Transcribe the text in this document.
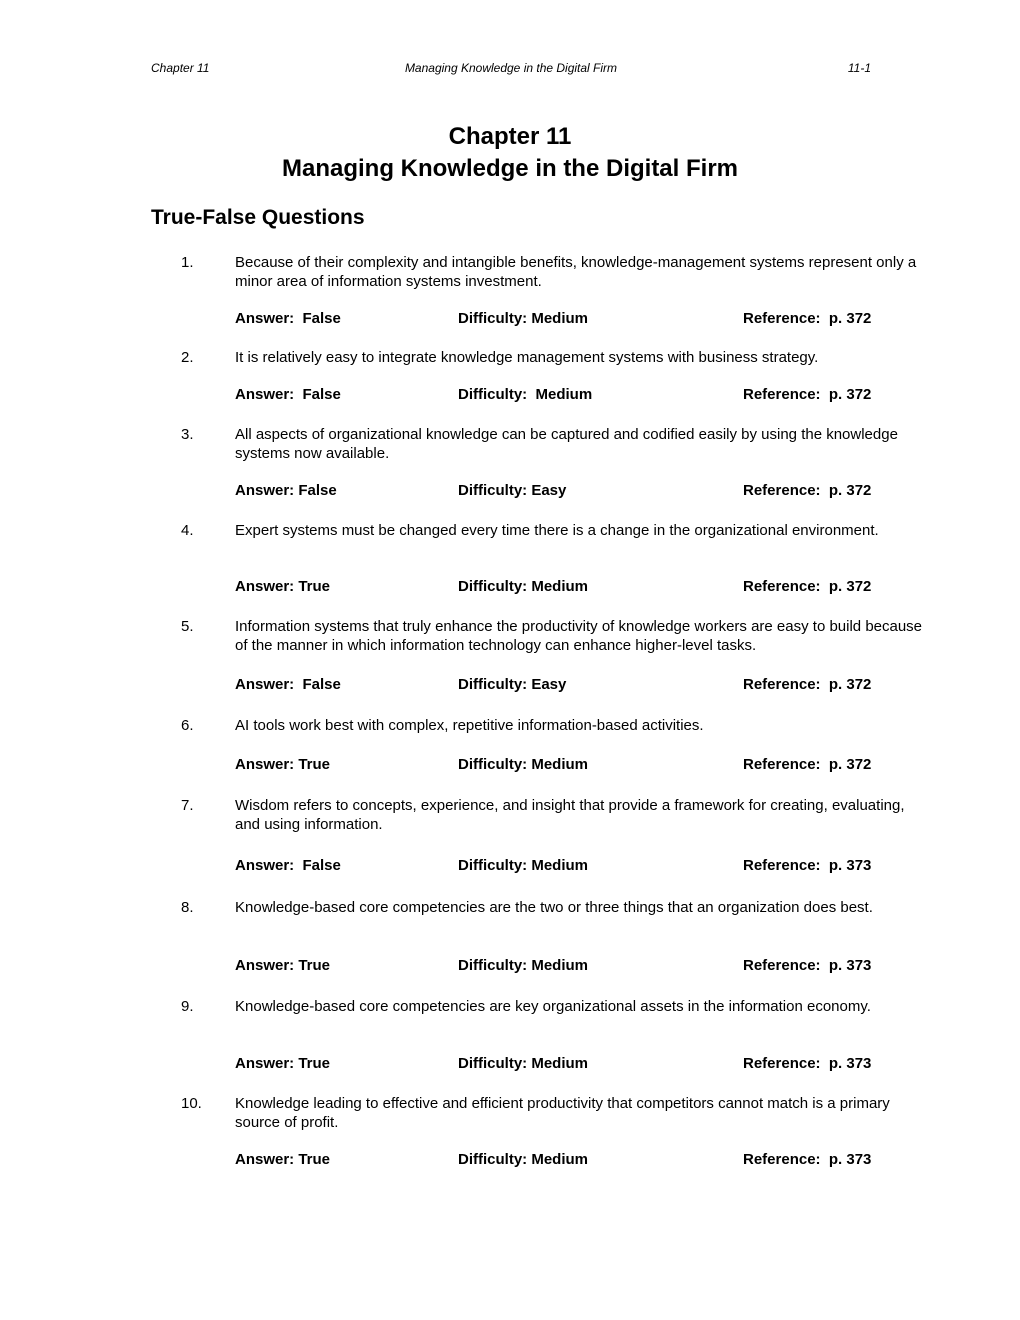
Chapter 11	Managing Knowledge in the Digital Firm	11-1
Chapter 11
Managing Knowledge in the Digital Firm
True-False Questions
1.	Because of their complexity and intangible benefits, knowledge-management systems represent only a minor area of information systems investment.
Answer:  False	Difficulty: Medium	Reference:  p. 372
2.	It is relatively easy to integrate knowledge management systems with business strategy.
Answer:  False	Difficulty:  Medium	Reference:  p. 372
3.	All aspects of organizational knowledge can be captured and codified easily by using the knowledge systems now available.
Answer: False	Difficulty: Easy	Reference:  p. 372
4.	Expert systems must be changed every time there is a change in the organizational environment.
Answer: True	Difficulty: Medium	Reference:  p. 372
5.	Information systems that truly enhance the productivity of knowledge workers are easy to build because of the manner in which information technology can enhance higher-level tasks.
Answer:  False	Difficulty: Easy	Reference:  p. 372
6.	AI tools work best with complex, repetitive information-based activities.
Answer: True	Difficulty: Medium	Reference:  p. 372
7.	Wisdom refers to concepts, experience, and insight that provide a framework for creating, evaluating, and using information.
Answer:  False	Difficulty: Medium	Reference:  p. 373
8.	Knowledge-based core competencies are the two or three things that an organization does best.
Answer: True	Difficulty: Medium	Reference:  p. 373
9.	Knowledge-based core competencies are key organizational assets in the information economy.
Answer: True	Difficulty: Medium	Reference:  p. 373
10. Knowledge leading to effective and efficient productivity that competitors cannot match is a primary source of profit.
Answer: True	Difficulty: Medium	Reference:  p. 373
